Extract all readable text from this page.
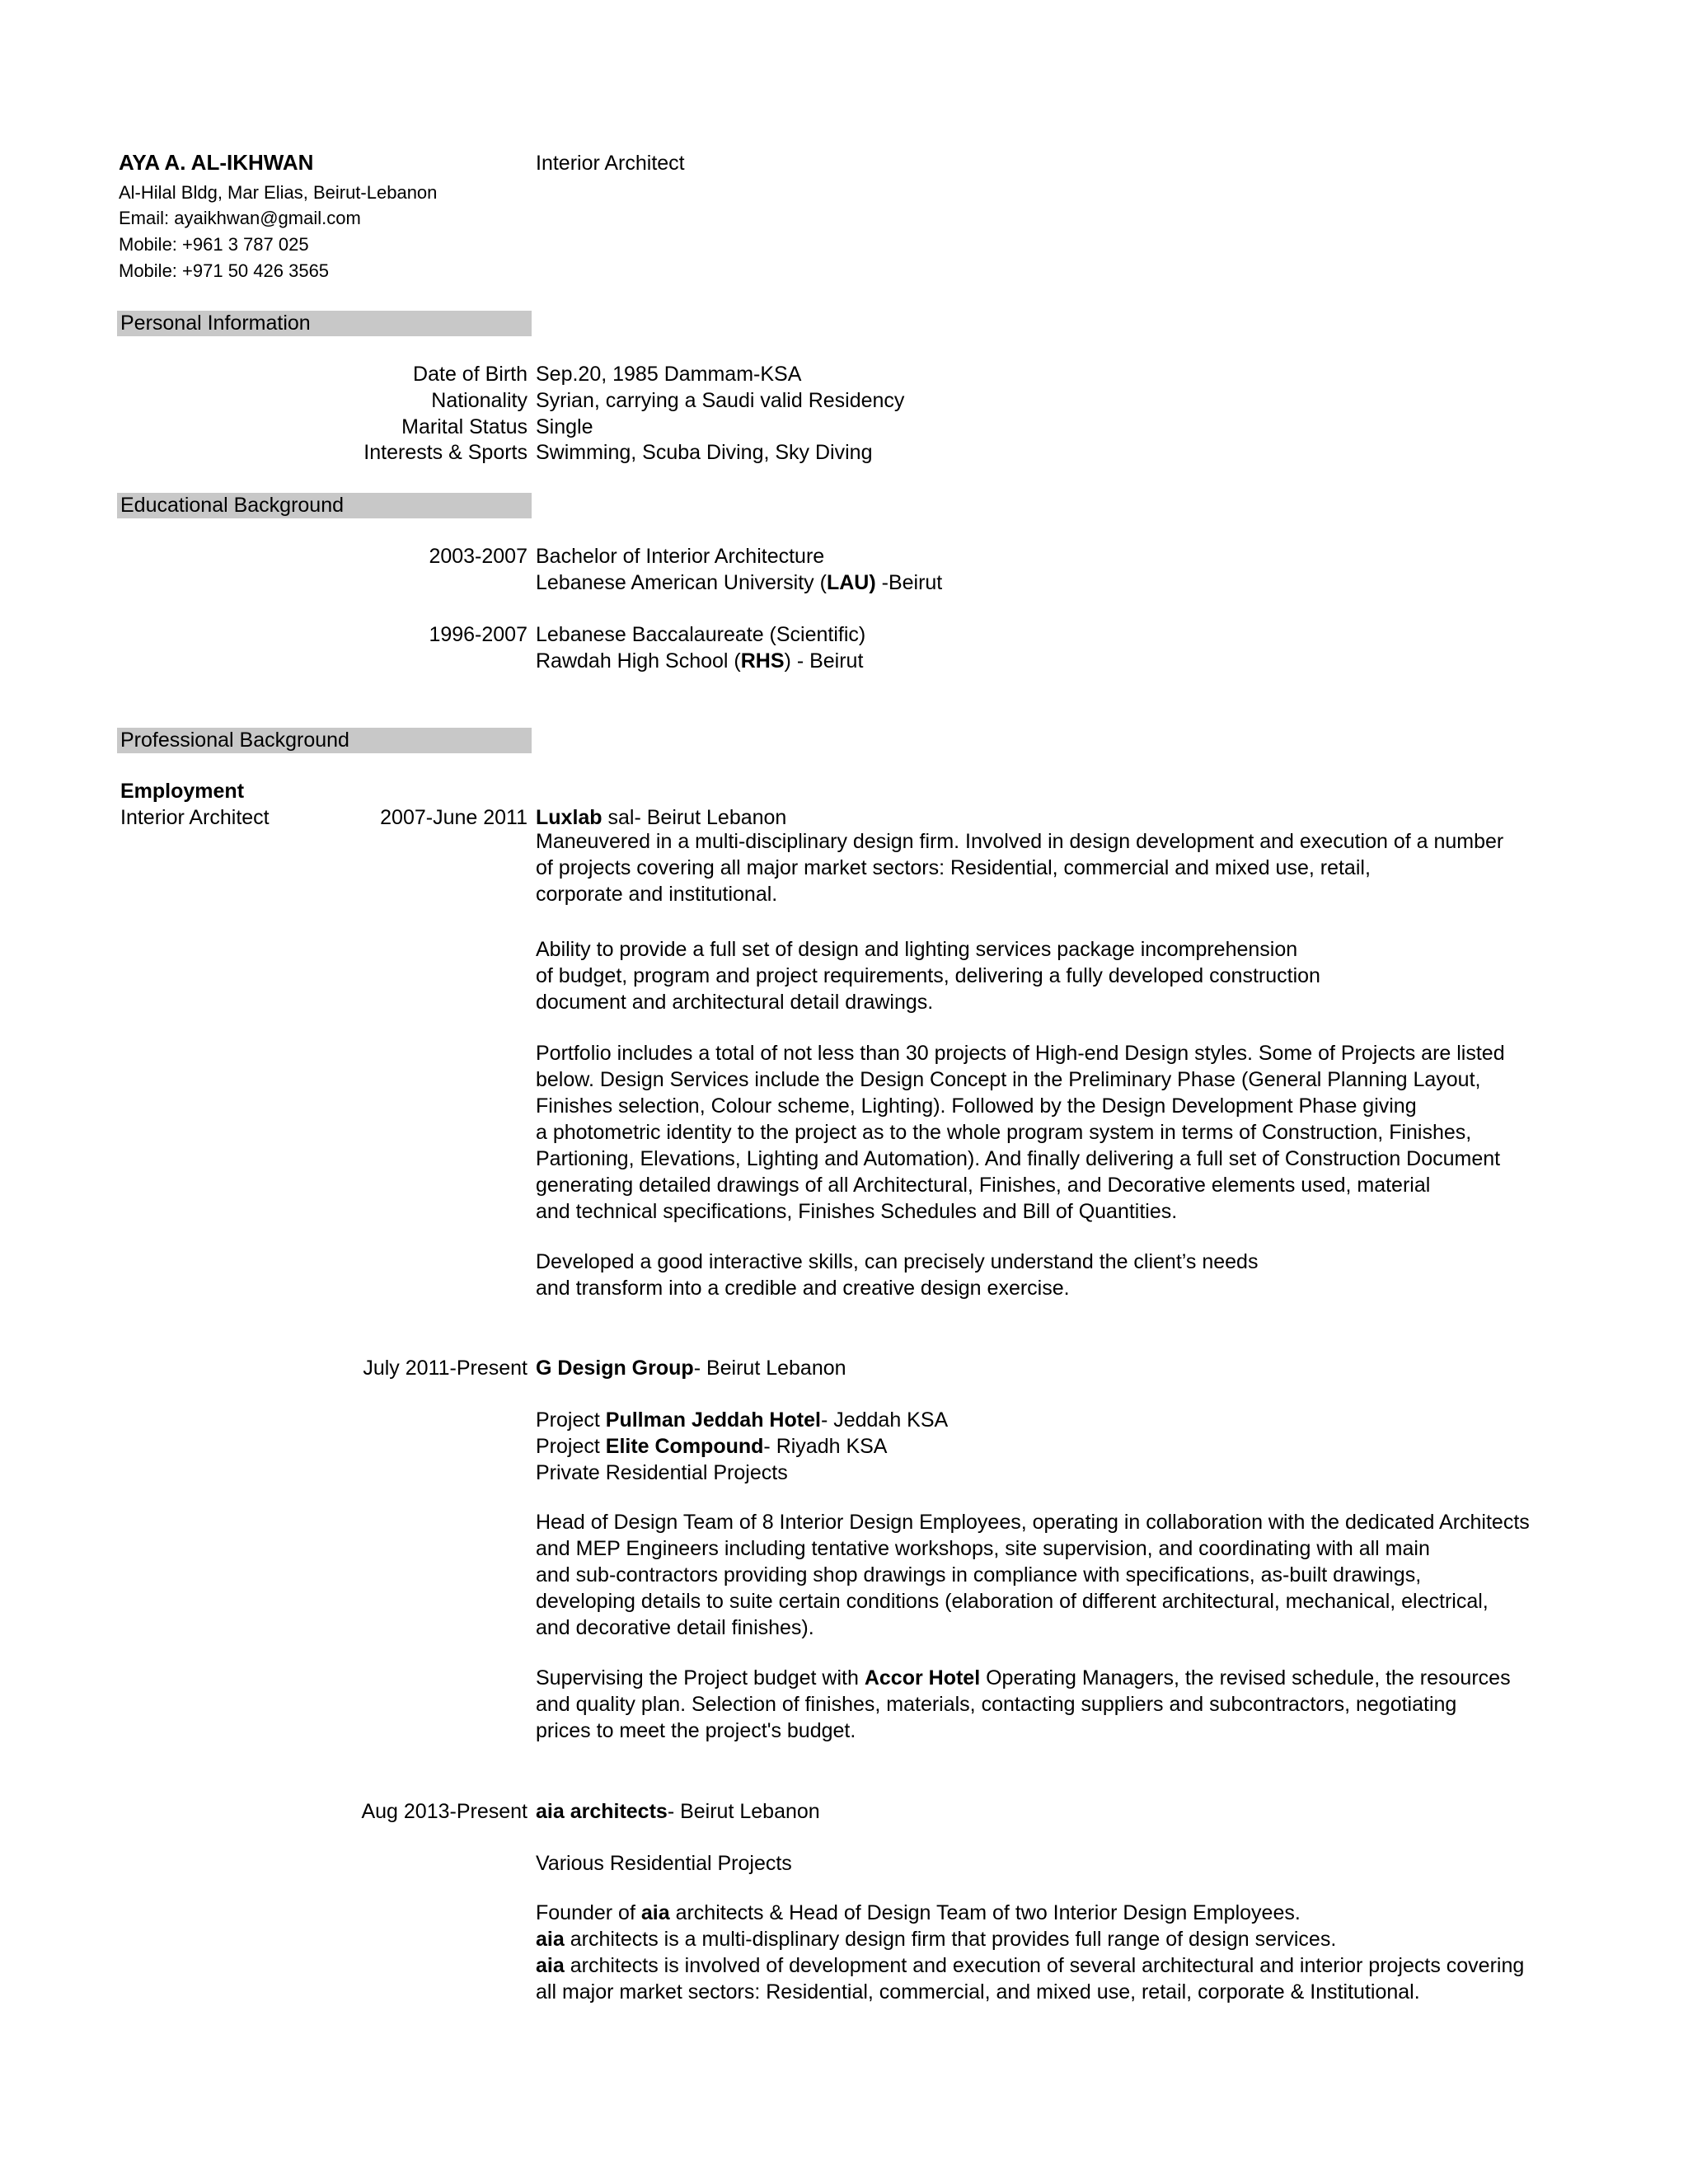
AYA A. AL-IKHWAN	Interior Architect
Al-Hilal Bldg, Mar Elias, Beirut-Lebanon
Email: ayaikhwan@gmail.com
Mobile: +961 3 787 025
Mobile: +971 50 426 3565
Personal Information
Date of Birth Sep.20, 1985 Dammam-KSA
Nationality Syrian, carrying a Saudi valid Residency
Marital Status Single
Interests & Sports Swimming, Scuba Diving, Sky Diving
Educational Background
2003-2007 Bachelor of Interior Architecture
Lebanese American University (LAU) -Beirut
1996-2007 Lebanese Baccalaureate (Scientific)
Rawdah High School (RHS) - Beirut
Professional Background
Employment
Interior Architect	2007-June 2011 Luxlab sal- Beirut Lebanon
Maneuvered in a multi-disciplinary design firm. Involved in design development and execution of a number
of projects covering all major market sectors: Residential, commercial and mixed use, retail,
corporate and institutional.
Ability to provide a full set of design and lighting services package incomprehension
of budget, program and project requirements, delivering a fully developed construction
document and architectural detail drawings.
Portfolio includes a total of not less than 30 projects of High-end Design styles. Some of Projects are listed
below. Design Services include the Design Concept in the Preliminary Phase (General Planning Layout,
Finishes selection, Colour scheme, Lighting). Followed by the Design Development Phase giving
a photometric identity to the project as to the whole program system in terms of Construction, Finishes,
Partioning, Elevations, Lighting and Automation). And finally delivering a full set of Construction Document
generating detailed drawings of all Architectural, Finishes, and Decorative elements used, material
and technical specifications, Finishes Schedules and Bill of Quantities.
Developed a good interactive skills, can precisely understand the client’s needs
and transform into a credible and creative design exercise.
July 2011-Present G Design Group- Beirut Lebanon
Project Pullman Jeddah Hotel- Jeddah KSA
Project Elite Compound- Riyadh KSA
Private Residential Projects
Head of Design Team of 8 Interior Design Employees, operating in collaboration with the dedicated Architects
and MEP Engineers including tentative workshops, site supervision, and coordinating with all main
and sub-contractors providing shop drawings in compliance with specifications, as-built drawings,
developing details to suite certain conditions (elaboration of different architectural, mechanical, electrical,
and decorative detail finishes).
Supervising the Project budget with Accor Hotel Operating Managers, the revised schedule, the resources
and quality plan. Selection of finishes, materials, contacting suppliers and subcontractors, negotiating
prices to meet the project's budget.
Aug 2013-Present aia architects- Beirut Lebanon
Various Residential Projects
Founder of aia architects & Head of Design Team of two Interior Design Employees.
aia architects is a multi-displinary design firm that provides full range of design services.
aia architects is involved of development and execution of several architectural and interior projects covering
all major market sectors: Residential, commercial, and mixed use, retail, corporate & Institutional.
